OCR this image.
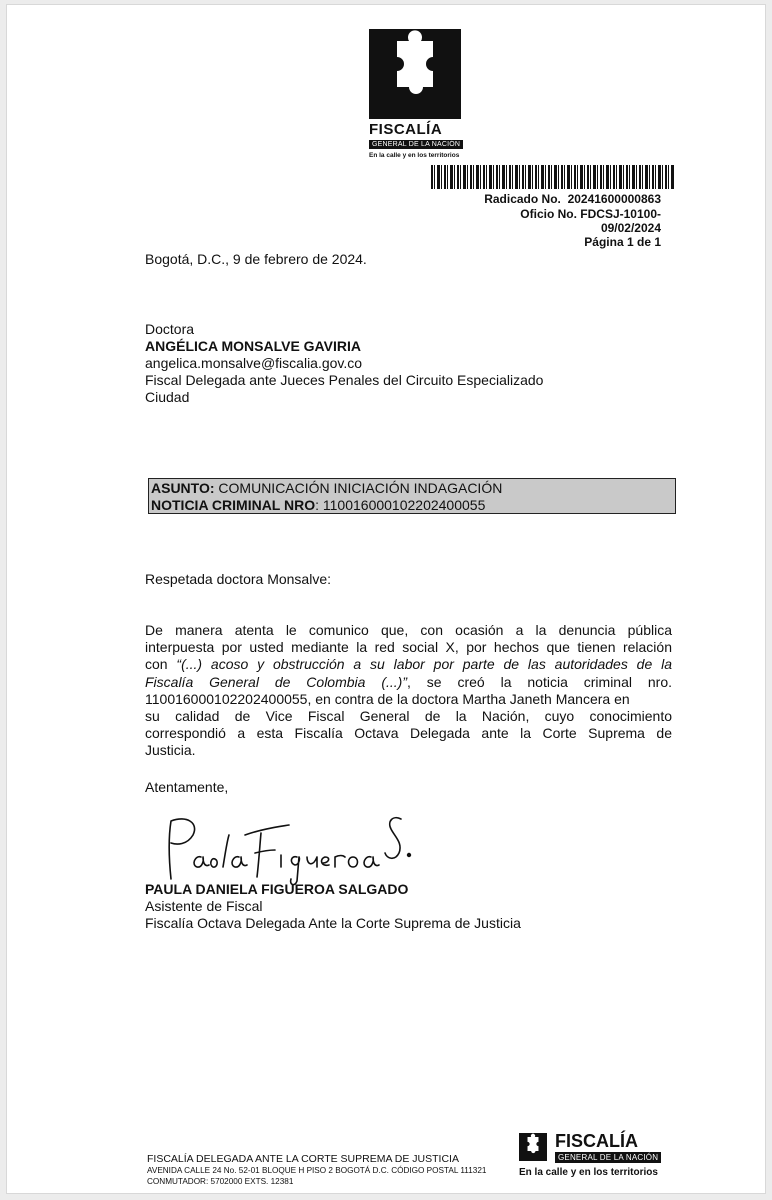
FISCALÍA
GENERAL DE LA NACIÓN
En la calle y en los territorios
Radicado No. 20241600000863
Oficio No. FDCSJ-10100-
09/02/2024
Página 1 de 1
Bogotá, D.C., 9 de febrero de 2024.
Doctora
ANGÉLICA MONSALVE GAVIRIA
angelica.monsalve@fiscalia.gov.co
Fiscal Delegada ante Jueces Penales del Circuito Especializado
Ciudad
ASUNTO: COMUNICACIÓN INICIACIÓN INDAGACIÓN
NOTICIA CRIMINAL NRO: 110016000102202400055
Respetada doctora Monsalve:
De manera atenta le comunico que, con ocasión a la denuncia pública
interpuesta por usted mediante la red social X, por hechos que tienen relación
con “(...) acoso y obstrucción a su labor por parte de las autoridades de la
Fiscalía General de Colombia (...)”, se creó la noticia criminal nro.
110016000102202400055, en contra de la doctora Martha Janeth Mancera en
su calidad de Vice Fiscal General de la Nación, cuyo conocimiento
correspondió a esta Fiscalía Octava Delegada ante la Corte Suprema de
Justicia.
Atentamente,
PAULA DANIELA FIGUEROA SALGADO
Asistente de Fiscal
Fiscalía Octava Delegada Ante la Corte Suprema de Justicia
FISCALÍA DELEGADA ANTE LA CORTE SUPREMA DE JUSTICIA
AVENIDA CALLE 24 No. 52-01 BLOQUE H PISO 2 BOGOTÁ D.C. CÓDIGO POSTAL 111321
CONMUTADOR: 5702000 EXTS. 12381
FISCALÍA
GENERAL DE LA NACIÓN
En la calle y en los territorios
